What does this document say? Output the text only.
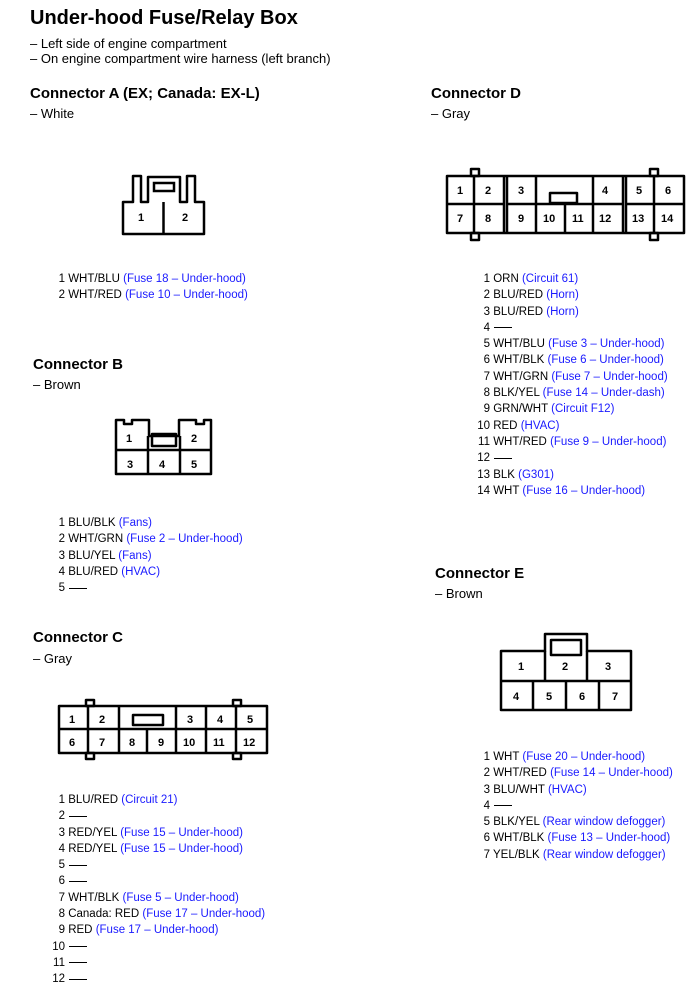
Under-hood Fuse/Relay Box
– Left side of engine compartment
– On engine compartment wire harness (left branch)
Connector A (EX; Canada: EX-L)
– White
1	2
1 WHT/BLU (Fuse 18 – Under-hood)
2 WHT/RED (Fuse 10 – Under-hood)
Connector B
– Brown
1	2
3 4 5
1 BLU/BLK (Fans)
2 WHT/GRN (Fuse 2 – Under-hood)
3 BLU/YEL (Fans)
4 BLU/RED (HVAC)
5
Connector C
– Gray
1 2	3 4 5
6 7 8 9 10 11 12
1 BLU/RED (Circuit 21)
2
3 RED/YEL (Fuse 15 – Under-hood)
4 RED/YEL (Fuse 15 – Under-hood)
5
6
7 WHT/BLK (Fuse 5 – Under-hood)
8 Canada: RED (Fuse 17 – Under-hood)
9 RED (Fuse 17 – Under-hood)
10
11
12
Connector D
– Gray
1 2 3	4	5 6
7 8 9 10 11 12 13 14
1 ORN (Circuit 61)
2 BLU/RED (Horn)
3 BLU/RED (Horn)
4
5 WHT/BLU (Fuse 3 – Under-hood)
6 WHT/BLK (Fuse 6 – Under-hood)
7 WHT/GRN (Fuse 7 – Under-hood)
8 BLK/YEL (Fuse 14 – Under-dash)
9 GRN/WHT (Circuit F12)
10 RED (HVAC)
11 WHT/RED (Fuse 9 – Under-hood)
12
13 BLK (G301)
14 WHT (Fuse 16 – Under-hood)
Connector E
– Brown
1	2	3
4 5 6 7
1 WHT (Fuse 20 – Under-hood)
2 WHT/RED (Fuse 14 – Under-hood)
3 BLU/WHT (HVAC)
4
5 BLK/YEL (Rear window defogger)
6 WHT/BLK (Fuse 13 – Under-hood)
7 YEL/BLK (Rear window defogger)
